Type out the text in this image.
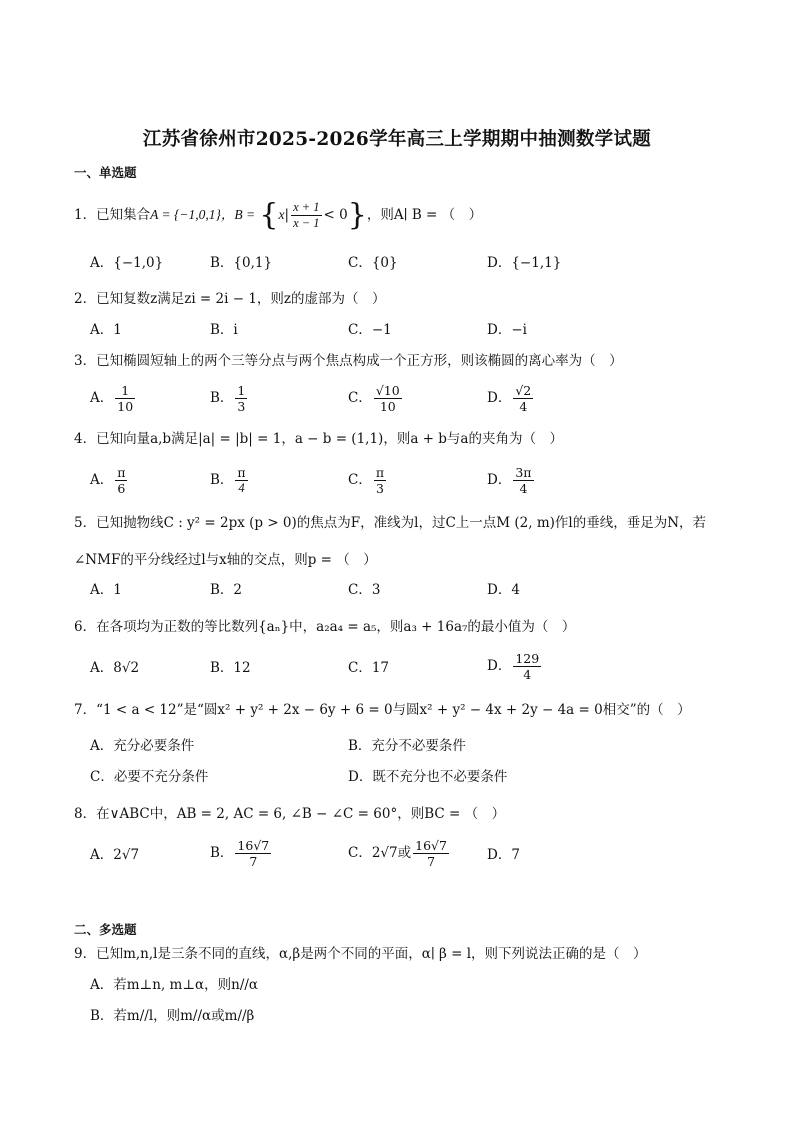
江苏省徐州市2025-2026学年高三上学期期中抽测数学试题
一、单选题
1．已知集合A = {−1,0,1}，$B = \{x| \frac{x + 1}{x - 1} < 0\}$，则A∣ B = （　）
A．{−1,0}	B．{0,1}	C．{0}	D．{−1,1}
2．已知复数z满足zi = 2i − 1，则z的虚部为（　）
A．1	B．i	C．−1	D．−i
3．已知椭圆短轴上的两个三等分点与两个焦点构成一个正方形，则该椭圆的离心率为（　）
A． $\frac{1}{10}$	B． $\frac{1}{3}$	C． $\frac{√10}{10}$	D． $\frac{√2}{4}$
4．已知向量a,b满足|a| = |b| = 1，a − b = (1,1)，则a + b与a的夹角为（　）
A． $\frac{\pi}{6}$	B． $\frac{\pi}{4}$	C． $\frac{\pi}{3}$	D． $\frac{3\pi}{4}$
5．已知抛物线C : y² = 2px (p > 0)的焦点为F，准线为l，过C上一点M (2, m)作l的垂线，垂足为N，若
∠NMF的平分线经过l与x轴的交点，则p = （　）
A．1	B．2	C．3	D．4
6．在各项均为正数的等比数列{aₙ}中，a₂a₄ = a₅，则a₃ + 16a₇的最小值为（　）
A．8√2	B．12	C．17	D． $\frac{129}{4}$
7．“1 < a < 12”是“圆x² + y² + 2x − 6y + 6 = 0与圆x² + y² − 4x + 2y − 4a = 0相交”的（　）
A．充分必要条件	B．充分不必要条件
C．必要不充分条件	D．既不充分也不必要条件
8．在∨ABC中，AB = 2, AC = 6, ∠B − ∠C = 60°，则BC = （　）
A．2√7	B． $\frac{16√7}{7}$	C．2√7或 $\frac{16√7}{7}$	D．7
二、多选题
9．已知m,n,l是三条不同的直线，α,β是两个不同的平面，α∣ β = l，则下列说法正确的是（　）
A．若m⊥n, m⊥α，则n//α
B．若m//l，则m//α或m//β
